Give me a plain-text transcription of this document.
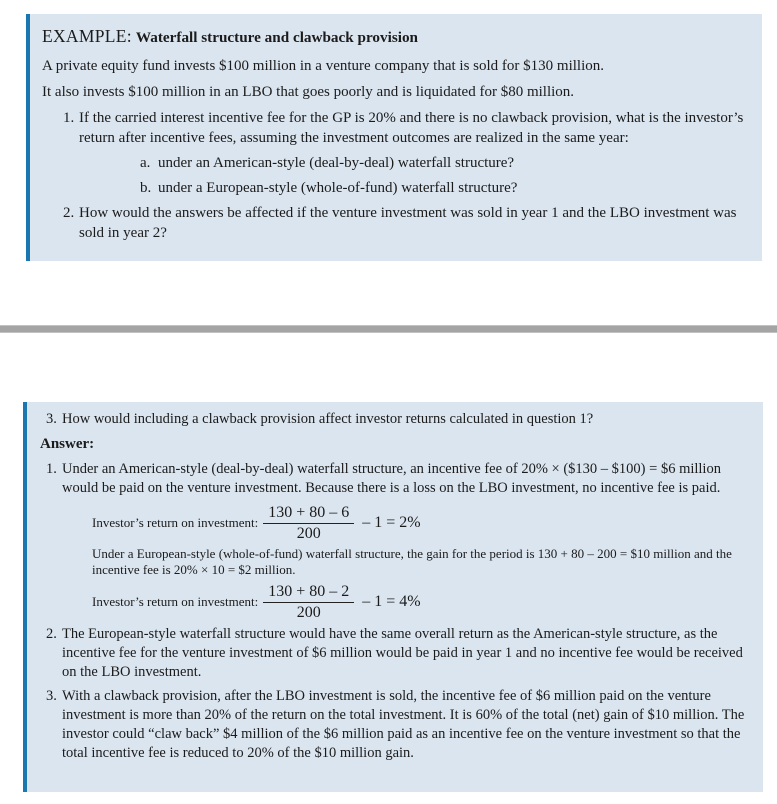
EXAMPLE: Waterfall structure and clawback provision

A private equity fund invests $100 million in a venture company that is sold for $130 million.

It also invests $100 million in an LBO that goes poorly and is liquidated for $80 million.

1. If the carried interest incentive fee for the GP is 20% and there is no clawback provision, what is the investor’s return after incentive fees, assuming the investment outcomes are realized in the same year:
a. under an American-style (deal-by-deal) waterfall structure?
b. under a European-style (whole-of-fund) waterfall structure?
2. How would the answers be affected if the venture investment was sold in year 1 and the LBO investment was sold in year 2?
3. How would including a clawback provision affect investor returns calculated in question 1?
Answer:
1. Under an American-style (deal-by-deal) waterfall structure, an incentive fee of 20% × ($130 – $100) = $6 million would be paid on the venture investment. Because there is a loss on the LBO investment, no incentive fee is paid.
Investor’s return on investment: $\frac{130 + 80 - 6}{200} - 1 = 2\%$
Under a European-style (whole-of-fund) waterfall structure, the gain for the period is 130 + 80 – 200 = $10 million and the incentive fee is 20% × 10 = $2 million.
Investor’s return on investment: $\frac{130 + 80 - 2}{200} - 1 = 4\%$
2. The European-style waterfall structure would have the same overall return as the American-style structure, as the incentive fee for the venture investment of $6 million would be paid in year 1 and no incentive fee would be received on the LBO investment.
3. With a clawback provision, after the LBO investment is sold, the incentive fee of $6 million paid on the venture investment is more than 20% of the return on the total investment. It is 60% of the total (net) gain of $10 million. The investor could “claw back” $4 million of the $6 million paid as an incentive fee on the venture investment so that the total incentive fee is reduced to 20% of the $10 million gain.
